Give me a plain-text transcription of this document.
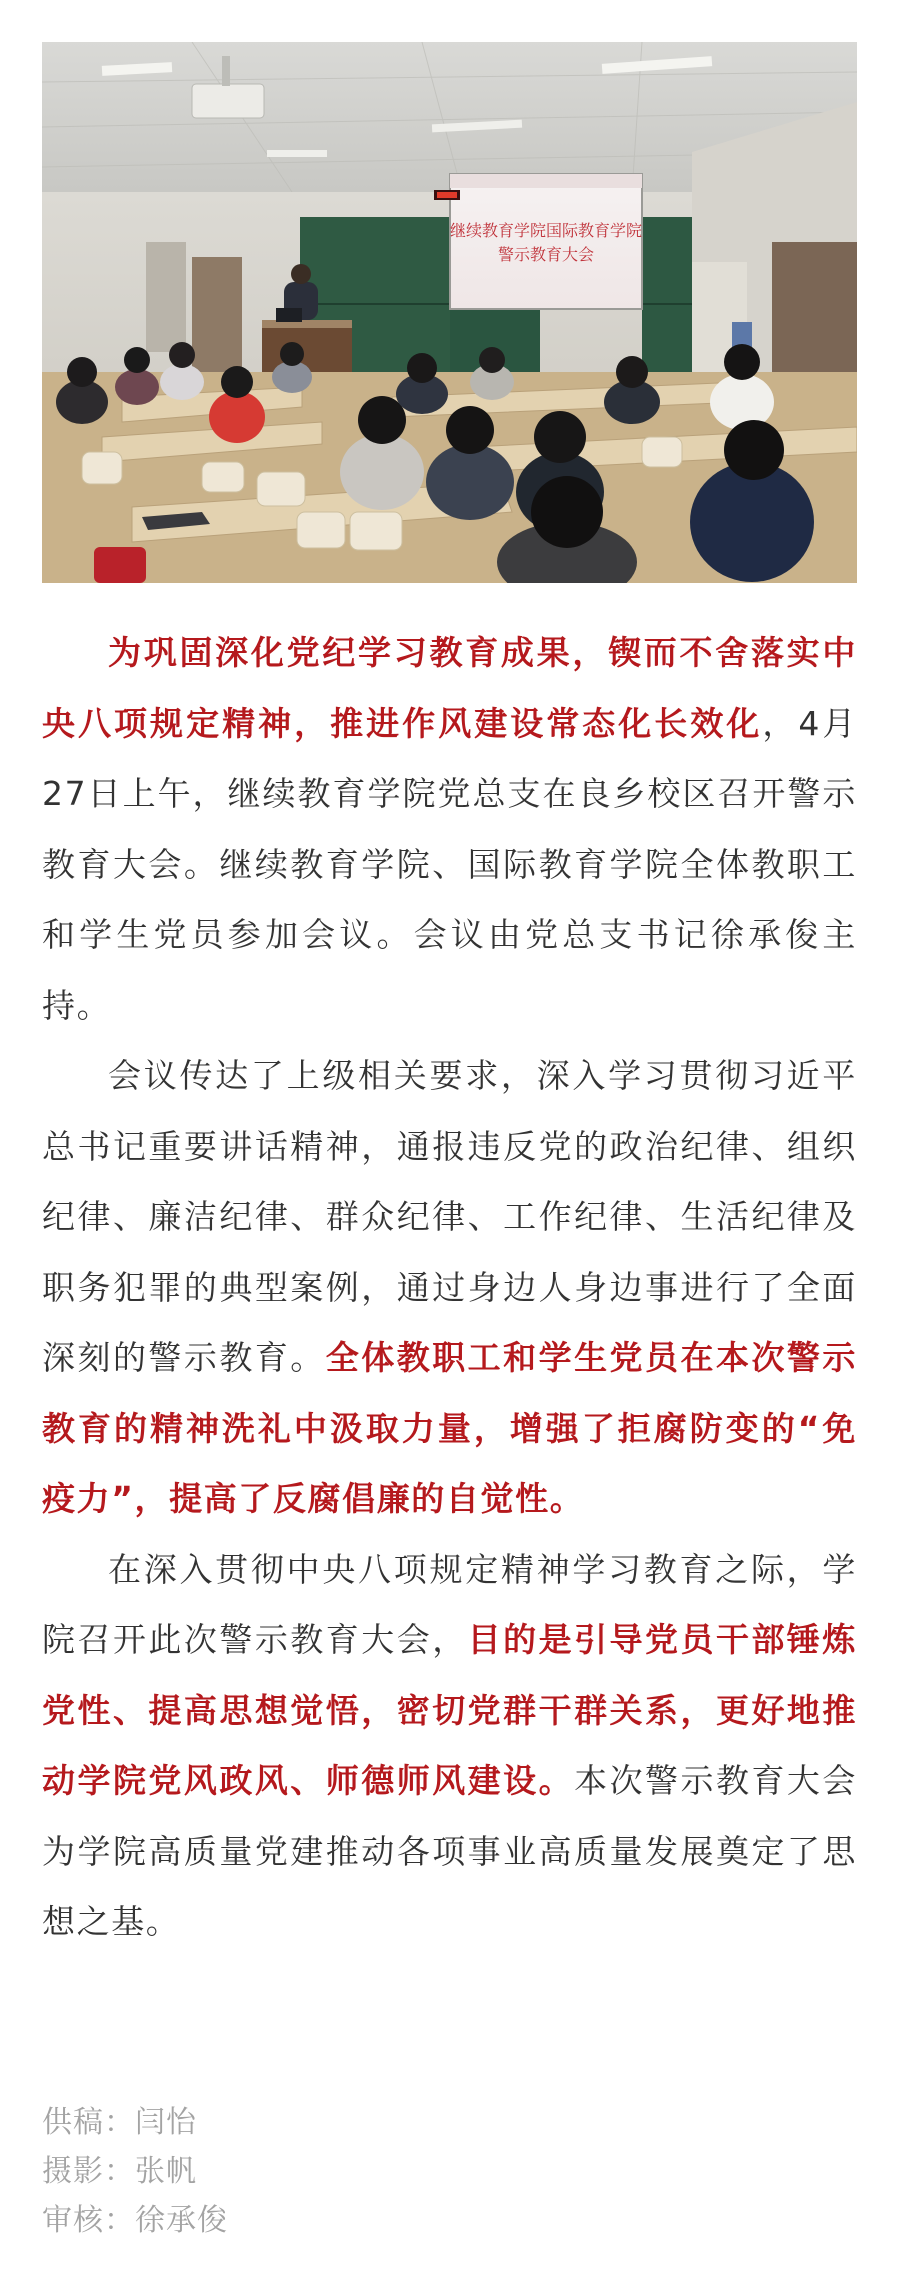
继续教育学院国际教育学院
警示教育大会

为巩固深化党纪学习教育成果，锲而不舍落实中央八项规定精神，推进作风建设常态化长效化，4月27日上午，继续教育学院党总支在良乡校区召开警示教育大会。继续教育学院、国际教育学院全体教职工和学生党员参加会议。会议由党总支书记徐承俊主持。

会议传达了上级相关要求，深入学习贯彻习近平总书记重要讲话精神，通报违反党的政治纪律、组织纪律、廉洁纪律、群众纪律、工作纪律、生活纪律及职务犯罪的典型案例，通过身边人身边事进行了全面深刻的警示教育。全体教职工和学生党员在本次警示教育的精神洗礼中汲取力量，增强了拒腐防变的“免疫力”，提高了反腐倡廉的自觉性。

在深入贯彻中央八项规定精神学习教育之际，学院召开此次警示教育大会，目的是引导党员干部锤炼党性、提高思想觉悟，密切党群干群关系，更好地推动学院党风政风、师德师风建设。本次警示教育大会为学院高质量党建推动各项事业高质量发展奠定了思想之基。

供稿：闫怡
摄影：张帆
审核：徐承俊
